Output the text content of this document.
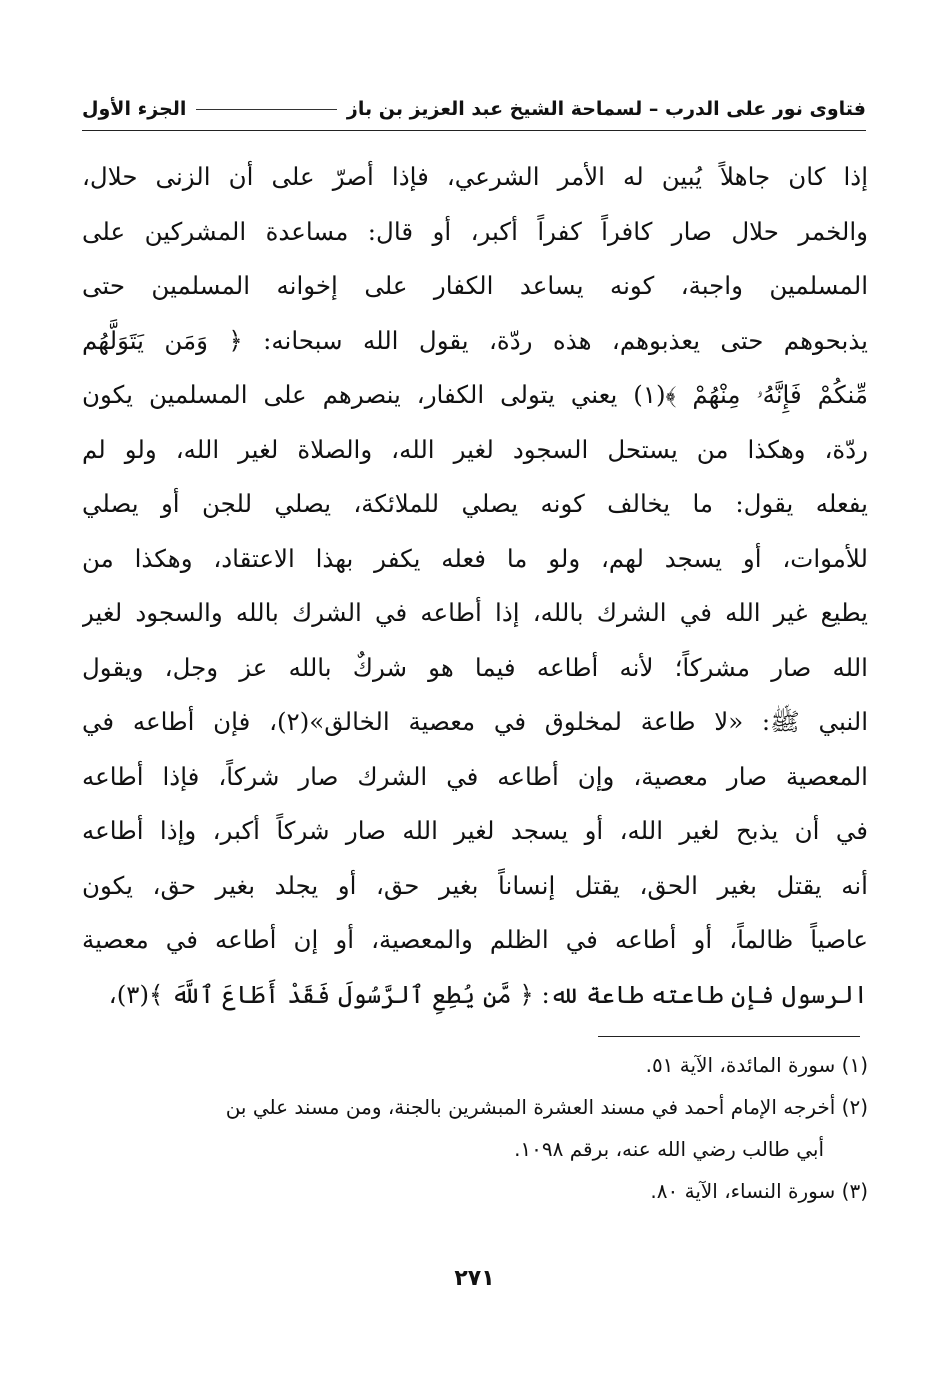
فتاوى نور على الدرب – لسماحة الشيخ عبد العزيز بن باز
الجزء الأول
إذا كان جاهلاً يُبين له الأمر الشرعي، فإذا أصرّ على أن الزنى حلال،
والخمر حلال صار كافراً كفراً أكبر، أو قال: مساعدة المشركين على
المسلمين واجبة، كونه يساعد الكفار على إخوانه المسلمين حتى
يذبحوهم حتى يعذبوهم، هذه ردّة، يقول الله سبحانه: ﴿ وَمَن يَتَوَلَّهُم
مِّنكُمْ فَإِنَّهُۥ مِنْهُمْ ﴾(١) يعني يتولى الكفار، ينصرهم على المسلمين يكون
ردّة، وهكذا من يستحل السجود لغير الله، والصلاة لغير الله، ولو لم
يفعله يقول: ما يخالف كونه يصلي للملائكة، يصلي للجن أو يصلي
للأموات، أو يسجد لهم، ولو ما فعله يكفر بهذا الاعتقاد، وهكذا من
يطيع غير الله في الشرك بالله، إذا أطاعه في الشرك بالله والسجود لغير
الله صار مشركاً؛ لأنه أطاعه فيما هو شركٌ بالله عز وجل، ويقول
النبي ﷺ: «لا طاعة لمخلوق في معصية الخالق»(٢)، فإن أطاعه في
المعصية صار معصية، وإن أطاعه في الشرك صار شركاً، فإذا أطاعه
في أن يذبح لغير الله، أو يسجد لغير الله صار شركاً أكبر، وإذا أطاعه
أنه يقتل بغير الحق، يقتل إنساناً بغير حق، أو يجلد بغير حق، يكون
عاصياً ظالماً، أو أطاعه في الظلم والمعصية، أو إن أطاعه في معصية
الرسول فإن طاعته طاعة لله: ﴿ مَّن يُطِعِ ٱلرَّسُولَ فَقَدْ أَطَاعَ ٱللَّهَ ﴾(٣)،
(١) سورة المائدة، الآية ٥١.
(٢) أخرجه الإمام أحمد في مسند العشرة المبشرين بالجنة، ومن مسند علي بن
أبي طالب رضي الله عنه، برقم ١٠٩٨.
(٣) سورة النساء، الآية ٨٠.
٢٧١
